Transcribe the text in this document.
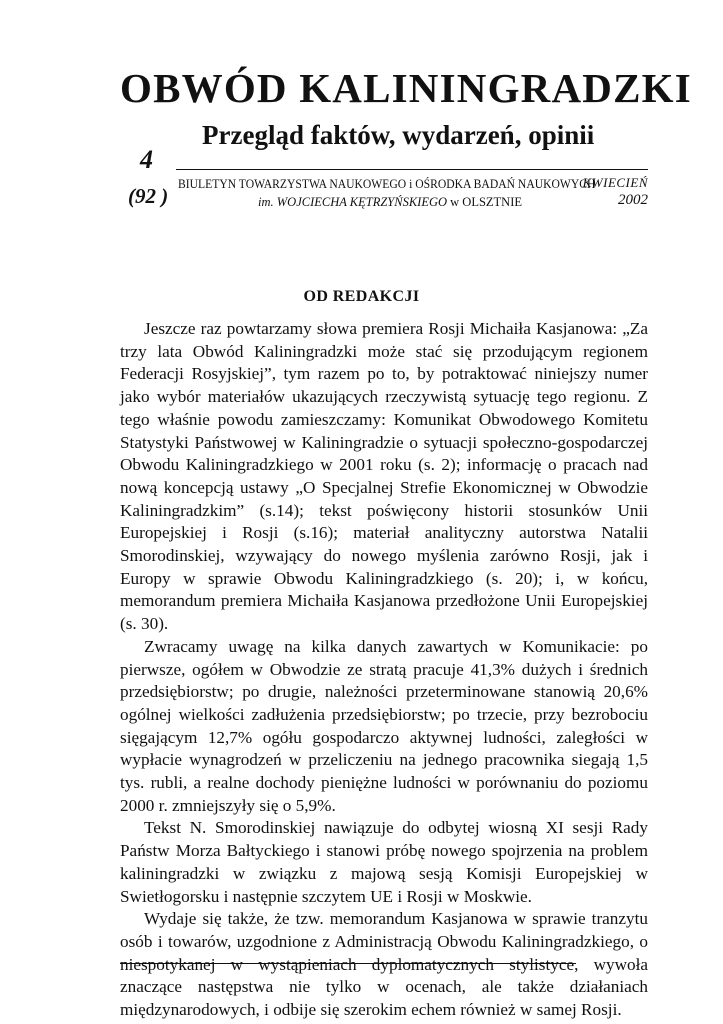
OBWÓD KALININGRADZKI
Przegląd faktów, wydarzeń, opinii
4
(92 ) BIULETYN TOWARZYSTWA NAUKOWEGO i OŚRODKA BADAŃ NAUKOWYCH
im. WOJCIECHA KĘTRZYŃSKIEGO w OLSZTNIE
KWIECIEŃ
2002
OD REDAKCJI

Jeszcze raz powtarzamy słowa premiera Rosji Michaiła Kasjanowa: „Za trzy lata Obwód Kaliningradzki może stać się przodującym regionem Federacji Rosyjskiej”, tym razem po to, by potraktować niniejszy numer jako wybór materiałów ukazujących rzeczywistą sytuację tego regionu. Z tego właśnie powodu zamieszczamy: Komunikat Obwodowego Komitetu Statystyki Państwowej w Kaliningradzie o sytuacji społeczno-gospodarczej Obwodu Kaliningradzkiego w 2001 roku (s. 2); informację o pracach nad nową koncepcją ustawy „O Specjalnej Strefie Ekonomicznej w Obwodzie Kaliningradzkim” (s.14); tekst poświęcony historii stosunków Unii Europejskiej i Rosji (s.16); materiał analityczny autorstwa Natalii Smorodinskiej, wzywający do nowego myślenia zarówno Rosji, jak i Europy w sprawie Obwodu Kaliningradzkiego (s. 20); i, w końcu, memorandum premiera Michaiła Kasjanowa przedłożone Unii Europejskiej (s. 30).

Zwracamy uwagę na kilka danych zawartych w Komunikacie: po pierwsze, ogółem w Obwodzie ze stratą pracuje 41,3% dużych i średnich przedsiębiorstw; po drugie, należności przeterminowane stanowią 20,6% ogólnej wielkości zadłużenia przedsiębiorstw; po trzecie, przy bezrobociu sięgającym 12,7% ogółu gospodarczo aktywnej ludności, zaległości w wypłacie wynagrodzeń w przeliczeniu na jednego pracownika siegają 1,5 tys. rubli, a realne dochody pieniężne ludności w porównaniu do poziomu 2000 r. zmniejszyły się o 5,9%.

Tekst N. Smorodinskiej nawiązuje do odbytej wiosną XI sesji Rady Państw Morza Bałtyckiego i stanowi próbę nowego spojrzenia na problem kaliningradzki w związku z majową sesją Komisji Europejskiej w Swietłogorsku i następnie szczytem UE i Rosji w Moskwie.

Wydaje się także, że tzw. memorandum Kasjanowa w sprawie tranzytu osób i towarów, uzgodnione z Administracją Obwodu Kaliningradzkiego, o niespotykanej w wystąpieniach dyplomatycznych stylistyce, wywoła znaczące następstwa nie tylko w ocenach, ale także działaniach międzynarodowych, i odbije się szerokim echem również w samej Rosji.
